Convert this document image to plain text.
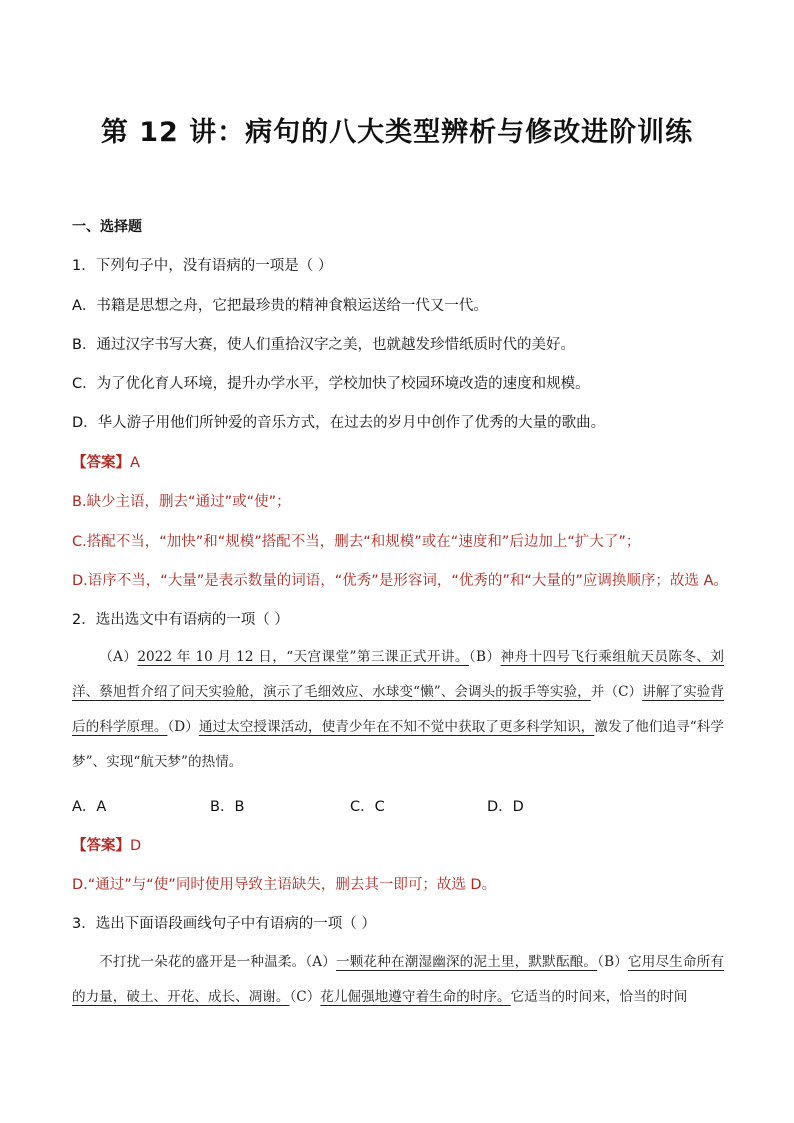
第 12 讲：病句的八大类型辨析与修改进阶训练
一、选择题
1．下列句子中，没有语病的一项是（ ）
A．书籍是思想之舟，它把最珍贵的精神食粮运送给一代又一代。
B．通过汉字书写大赛，使人们重拾汉字之美，也就越发珍惜纸质时代的美好。
C．为了优化育人环境，提升办学水平，学校加快了校园环境改造的速度和规模。
D．华人游子用他们所钟爱的音乐方式，在过去的岁月中创作了优秀的大量的歌曲。
【答案】A
B.缺少主语，删去“通过”或“使”；
C.搭配不当，“加快”和“规模”搭配不当，删去“和规模”或在“速度和”后边加上“扩大了”；
D.语序不当，“大量”是表示数量的词语，“优秀”是形容词，“优秀的”和“大量的”应调换顺序；故选 A。
2．选出选文中有语病的一项（ ）
（A）2022 年 10 月 12 日，“天宫课堂”第三课正式开讲。（B）神舟十四号飞行乘组航天员陈冬、刘洋、蔡旭哲介绍了问天实验舱，演示了毛细效应、水球变“懒”、会调头的扳手等实验，并（C）讲解了实验背后的科学原理。（D）通过太空授课活动，使青少年在不知不觉中获取了更多科学知识，激发了他们追寻“科学梦”、实现“航天梦”的热情。
A．A	B．B	C．C	D．D
【答案】D
D.“通过”与“使”同时使用导致主语缺失，删去其一即可；故选 D。
3．选出下面语段画线句子中有语病的一项（ ）
不打扰一朵花的盛开是一种温柔。（A）一颗花种在潮湿幽深的泥土里，默默酝酿。（B）它用尽生命所有的力量，破土、开花、成长、凋谢。（C）花儿倔强地遵守着生命的时序。它适当的时间来，恰当的时间
